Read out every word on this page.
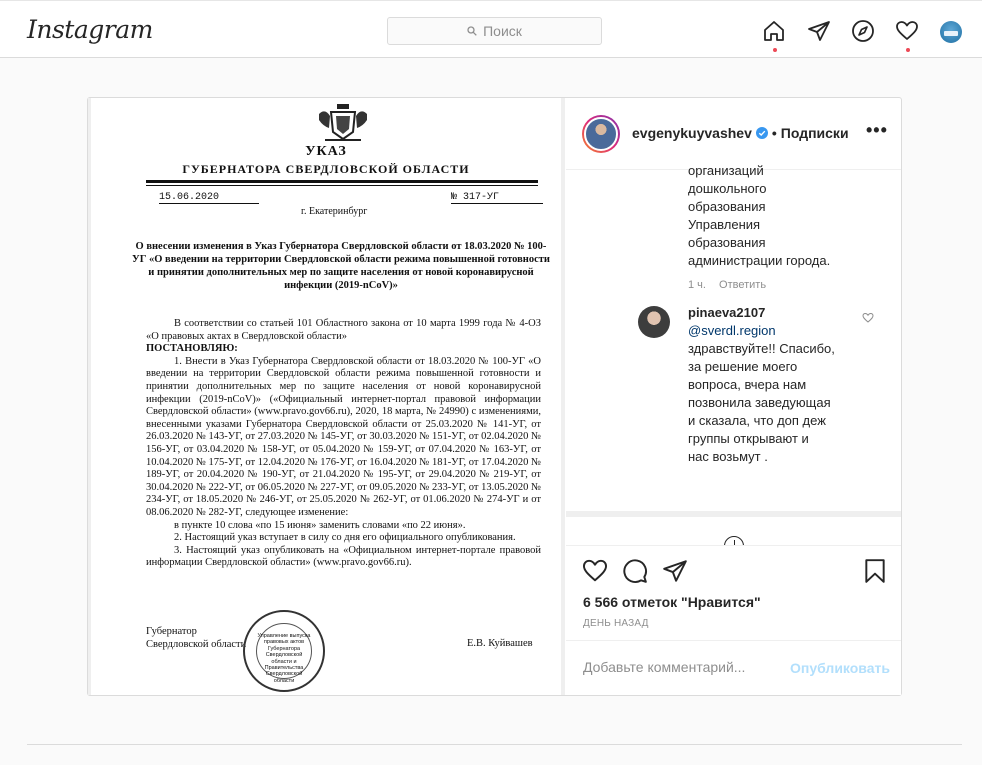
Instagram	Поиск
УКАЗ
ГУБЕРНАТОРА СВЕРДЛОВСКОЙ ОБЛАСТИ
15.06.2020	№ 317-УГ
г. Екатеринбург
О внесении изменения в Указ Губернатора Свердловской области от 18.03.2020 № 100-УГ «О введении на территории Свердловской области режима повышенной готовности и принятии дополнительных мер по защите населения от новой коронавирусной инфекции (2019-nCoV)»

В соответствии со статьей 101 Областного закона от 10 марта 1999 года № 4-ОЗ «О правовых актах в Свердловской области»

ПОСТАНОВЛЯЮ:

1. Внести в Указ Губернатора Свердловской области от 18.03.2020 № 100-УГ «О введении на территории Свердловской области режима повышенной готовности и принятии дополнительных мер по защите населения от новой коронавирусной инфекции (2019-nCoV)» («Официальный интернет-портал правовой информации Свердловской области» (www.pravo.gov66.ru), 2020, 18 марта, № 24990) с изменениями, внесенными указами Губернатора Свердловской области от 25.03.2020 № 141-УГ, от 26.03.2020 № 143-УГ, от 27.03.2020 № 145-УГ, от 30.03.2020 № 151-УГ, от 02.04.2020 № 156-УГ, от 03.04.2020 № 158-УГ, от 05.04.2020 № 159-УГ, от 07.04.2020 № 163-УГ, от 10.04.2020 № 175-УГ, от 12.04.2020 № 176-УГ, от 16.04.2020 № 181-УГ, от 17.04.2020 № 189-УГ, от 20.04.2020 № 190-УГ, от 21.04.2020 № 195-УГ, от 29.04.2020 № 219-УГ, от 30.04.2020 № 222-УГ, от 06.05.2020 № 227-УГ, от 09.05.2020 № 233-УГ, от 13.05.2020 № 234-УГ, от 18.05.2020 № 246-УГ, от 25.05.2020 № 262-УГ, от 01.06.2020 № 274-УГ и от 08.06.2020 № 282-УГ, следующее изменение:

в пункте 10 слова «по 15 июня» заменить словами «по 22 июня».

2. Настоящий указ вступает в силу со дня его официального опубликования.

3. Настоящий указ опубликовать на «Официальном интернет-портале правовой информации Свердловской области» (www.pravo.gov66.ru).

Губернатор
Свердловской области	Е.В. Куйвашев
Управление выпуска правовых актов Губернатора Свердловской области и Правительства Свердловской области
evgenykuyvashev • Подписки •••
организаций
дошкольного
образования
Управления
образования
администрации города.
1 ч. Ответить
pinaeva2107
@sverdl.region
здравствуйте!! Спасибо,
за решение моего
вопроса, вчера нам
позвонила заведующая
и сказала, что доп деж
группы открывают и
нас возьмут .
6 566 отметок "Нравится"
ДЕНЬ НАЗАД
Добавьте комментарий...
Опубликовать
